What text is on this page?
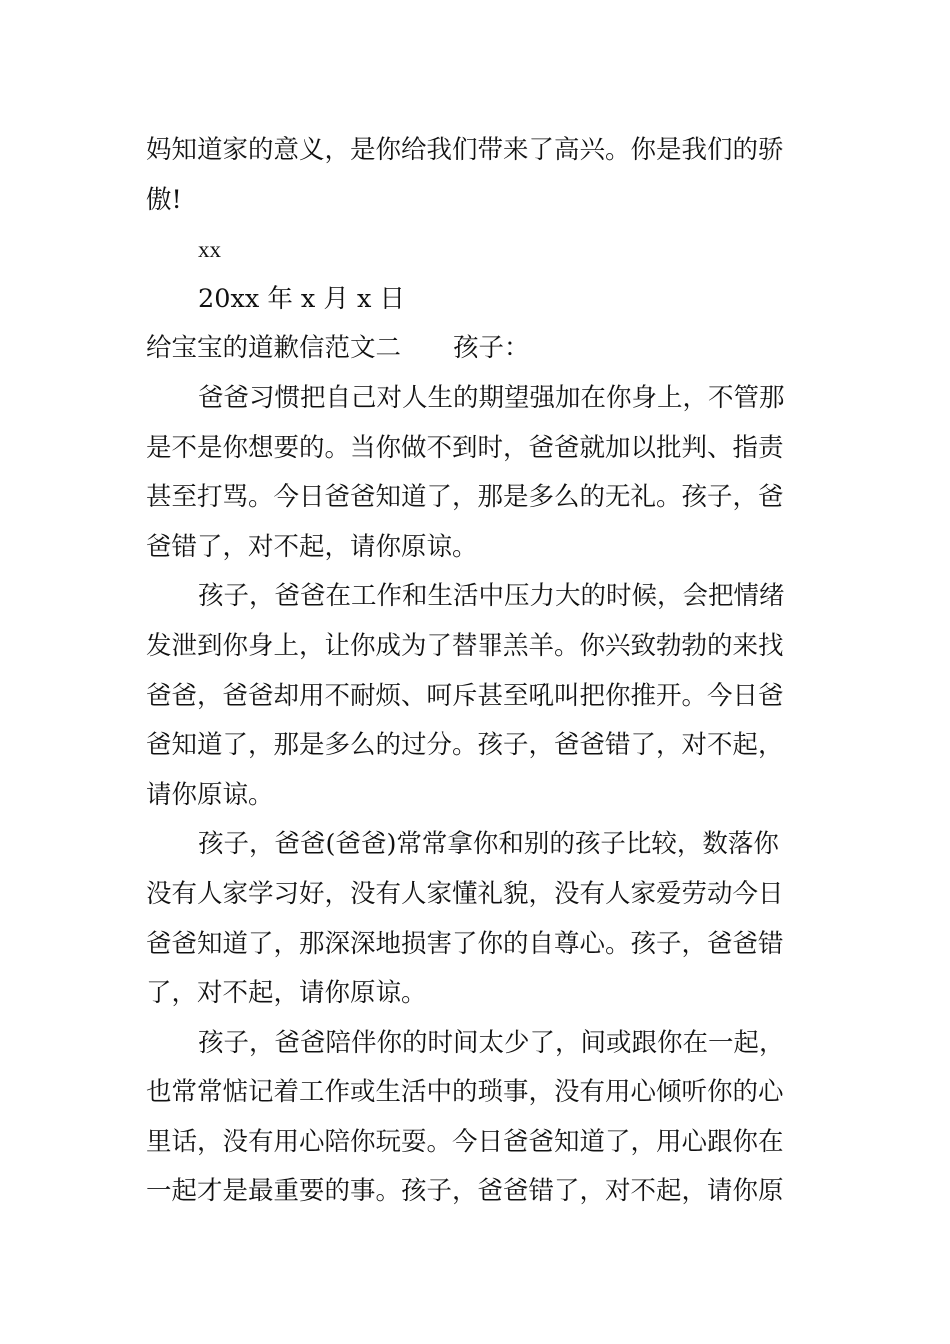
妈知道家的意义，是你给我们带来了高兴。你是我们的骄
傲!
xx
20xx 年 x 月 x 日
给宝宝的道歉信范文二 孩子：
爸爸习惯把自己对人生的期望强加在你身上，不管那
是不是你想要的。当你做不到时，爸爸就加以批判、指责
甚至打骂。今日爸爸知道了，那是多么的无礼。孩子，爸
爸错了，对不起，请你原谅。
孩子，爸爸在工作和生活中压力大的时候，会把情绪
发泄到你身上，让你成为了替罪羔羊。你兴致勃勃的来找
爸爸，爸爸却用不耐烦、呵斥甚至吼叫把你推开。今日爸
爸知道了，那是多么的过分。孩子，爸爸错了，对不起，
请你原谅。
孩子，爸爸(爸爸)常常拿你和别的孩子比较，数落你
没有人家学习好，没有人家懂礼貌，没有人家爱劳动今日
爸爸知道了，那深深地损害了你的自尊心。孩子，爸爸错
了，对不起，请你原谅。
孩子，爸爸陪伴你的时间太少了，间或跟你在一起，
也常常惦记着工作或生活中的琐事，没有用心倾听你的心
里话，没有用心陪你玩耍。今日爸爸知道了，用心跟你在
一起才是最重要的事。孩子，爸爸错了，对不起，请你原
